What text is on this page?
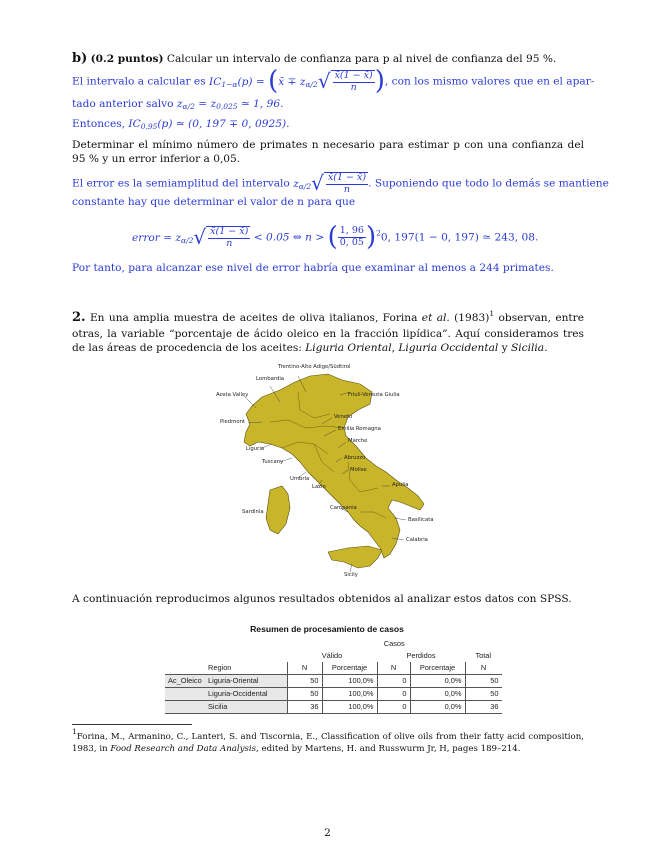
b) (0.2 puntos) Calcular un intervalo de confianza para p al nivel de confianza del 95 %.
El intervalo a calcular es $IC_{1-\alpha}(p)$ = (x̄ ∓ $z_{\alpha/2}√ \frac{x̄(1 - x̄)}{n}$ ), con los mismo valores que en el apar-
tado anterior salvo $z_{\alpha/2} = z_{0,025}$ ≃ 1, 96.
Entonces, $IC_{0,95}(p)$ ≃ (0, 197 ∓ 0, 0925).

Determinar el mínimo número de primates n necesario para estimar p con una confianza del 95 % y un error inferior a 0,05.

El error es la semiamplitud del intervalo $z_{\alpha/2}√ \frac{x̄(1 - x̄)}{n}$ . Suponiendo que todo lo demás se mantiene
constante hay que determinar el valor de n para que
error = $z_{\alpha/2}√ \frac{x̄(1 - x̄)}{n} < 0.05$ ⇔ n > ( $\frac{1, 96}{0, 05} )^20$, 197(1 − 0, 197) ≃ 243, 08.
Por tanto, para alcanzar ese nivel de error habría que examinar al menos a 244 primates.

2. En una amplia muestra de aceites de oliva italianos, Forina et al. $(1983)^1$ observan, entre otras, la variable “porcentaje de ácido oleico en la fracción lipídica”. Aquí consideramos tres de las áreas de procedencia de los aceites: Liguria Oriental, Liguria Occidental y Sicilia.

Trentino-Alto Adige/Südtirol
Lombardia
Aosta Valley	Friuli-Venezia Giulia
Piedmont
Veneto
Emilia Romagna
Liguria
Marche
Tuscany
Abruzzo
Molise
Umbria
Lazio	Apulia
Sardinia
Campania
Basilicata
Calabria
Sicily
A continuación reproducimos algunos resultados obtenidos al analizar estos datos con SPSS.
Resumen de procesamiento de casos
		Casos				
		Válido		Perdidos		Total
	Region	N	Porcentaje	N	Porcentaje	N
Ac_Oleico	Liguria-Oriental	50	100,0%	0	0,0%	50
	Liguria-Occidental	50	100,0%	0	0,0%	50
	Sicilia	36	100,0%	0	0,0%	36
1Forina, M., Armanino, C., Lanteri, S. and Tiscornia, E., Classification of olive oils from their fatty acid composition, 1983, in Food Research and Data Analysis, edited by Martens, H. and Russwurm Jr, H, pages 189–214.
2
